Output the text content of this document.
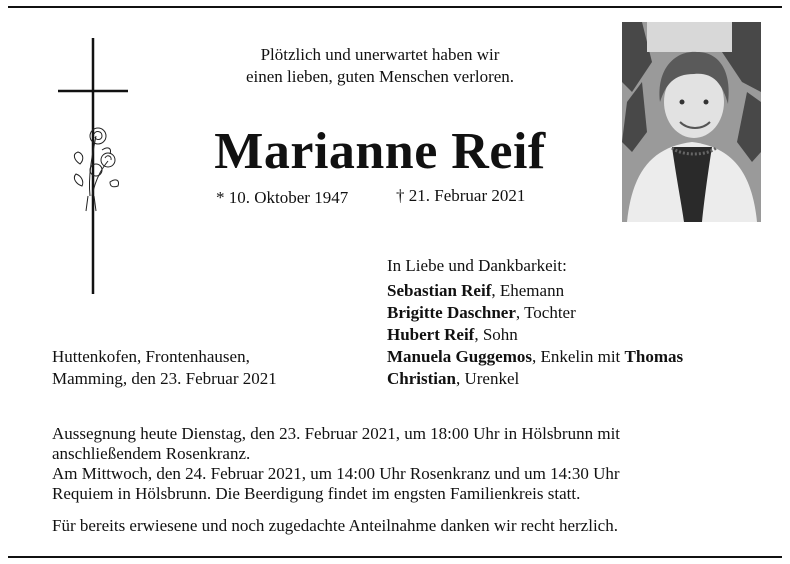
Plötzlich und unerwartet haben wir
einen lieben, guten Menschen verloren.
Marianne Reif
* 10. Oktober 1947	† 21. Februar 2021
In Liebe und Dankbarkeit:
Sebastian Reif, Ehemann
Brigitte Daschner, Tochter
Hubert Reif, Sohn
Manuela Guggemos, Enkelin mit Thomas
Christian, Urenkel
Huttenkofen, Frontenhausen,
Mamming, den 23. Februar 2021

Aussegnung heute Dienstag, den 23. Februar 2021, um 18:00 Uhr in Hölsbrunn mit
anschließendem Rosenkranz.

Am Mittwoch, den 24. Februar 2021, um 14:00 Uhr Rosenkranz und um 14:30 Uhr
Requiem in Hölsbrunn. Die Beerdigung findet im engsten Familienkreis statt.

Für bereits erwiesene und noch zugedachte Anteilnahme danken wir recht herzlich.
